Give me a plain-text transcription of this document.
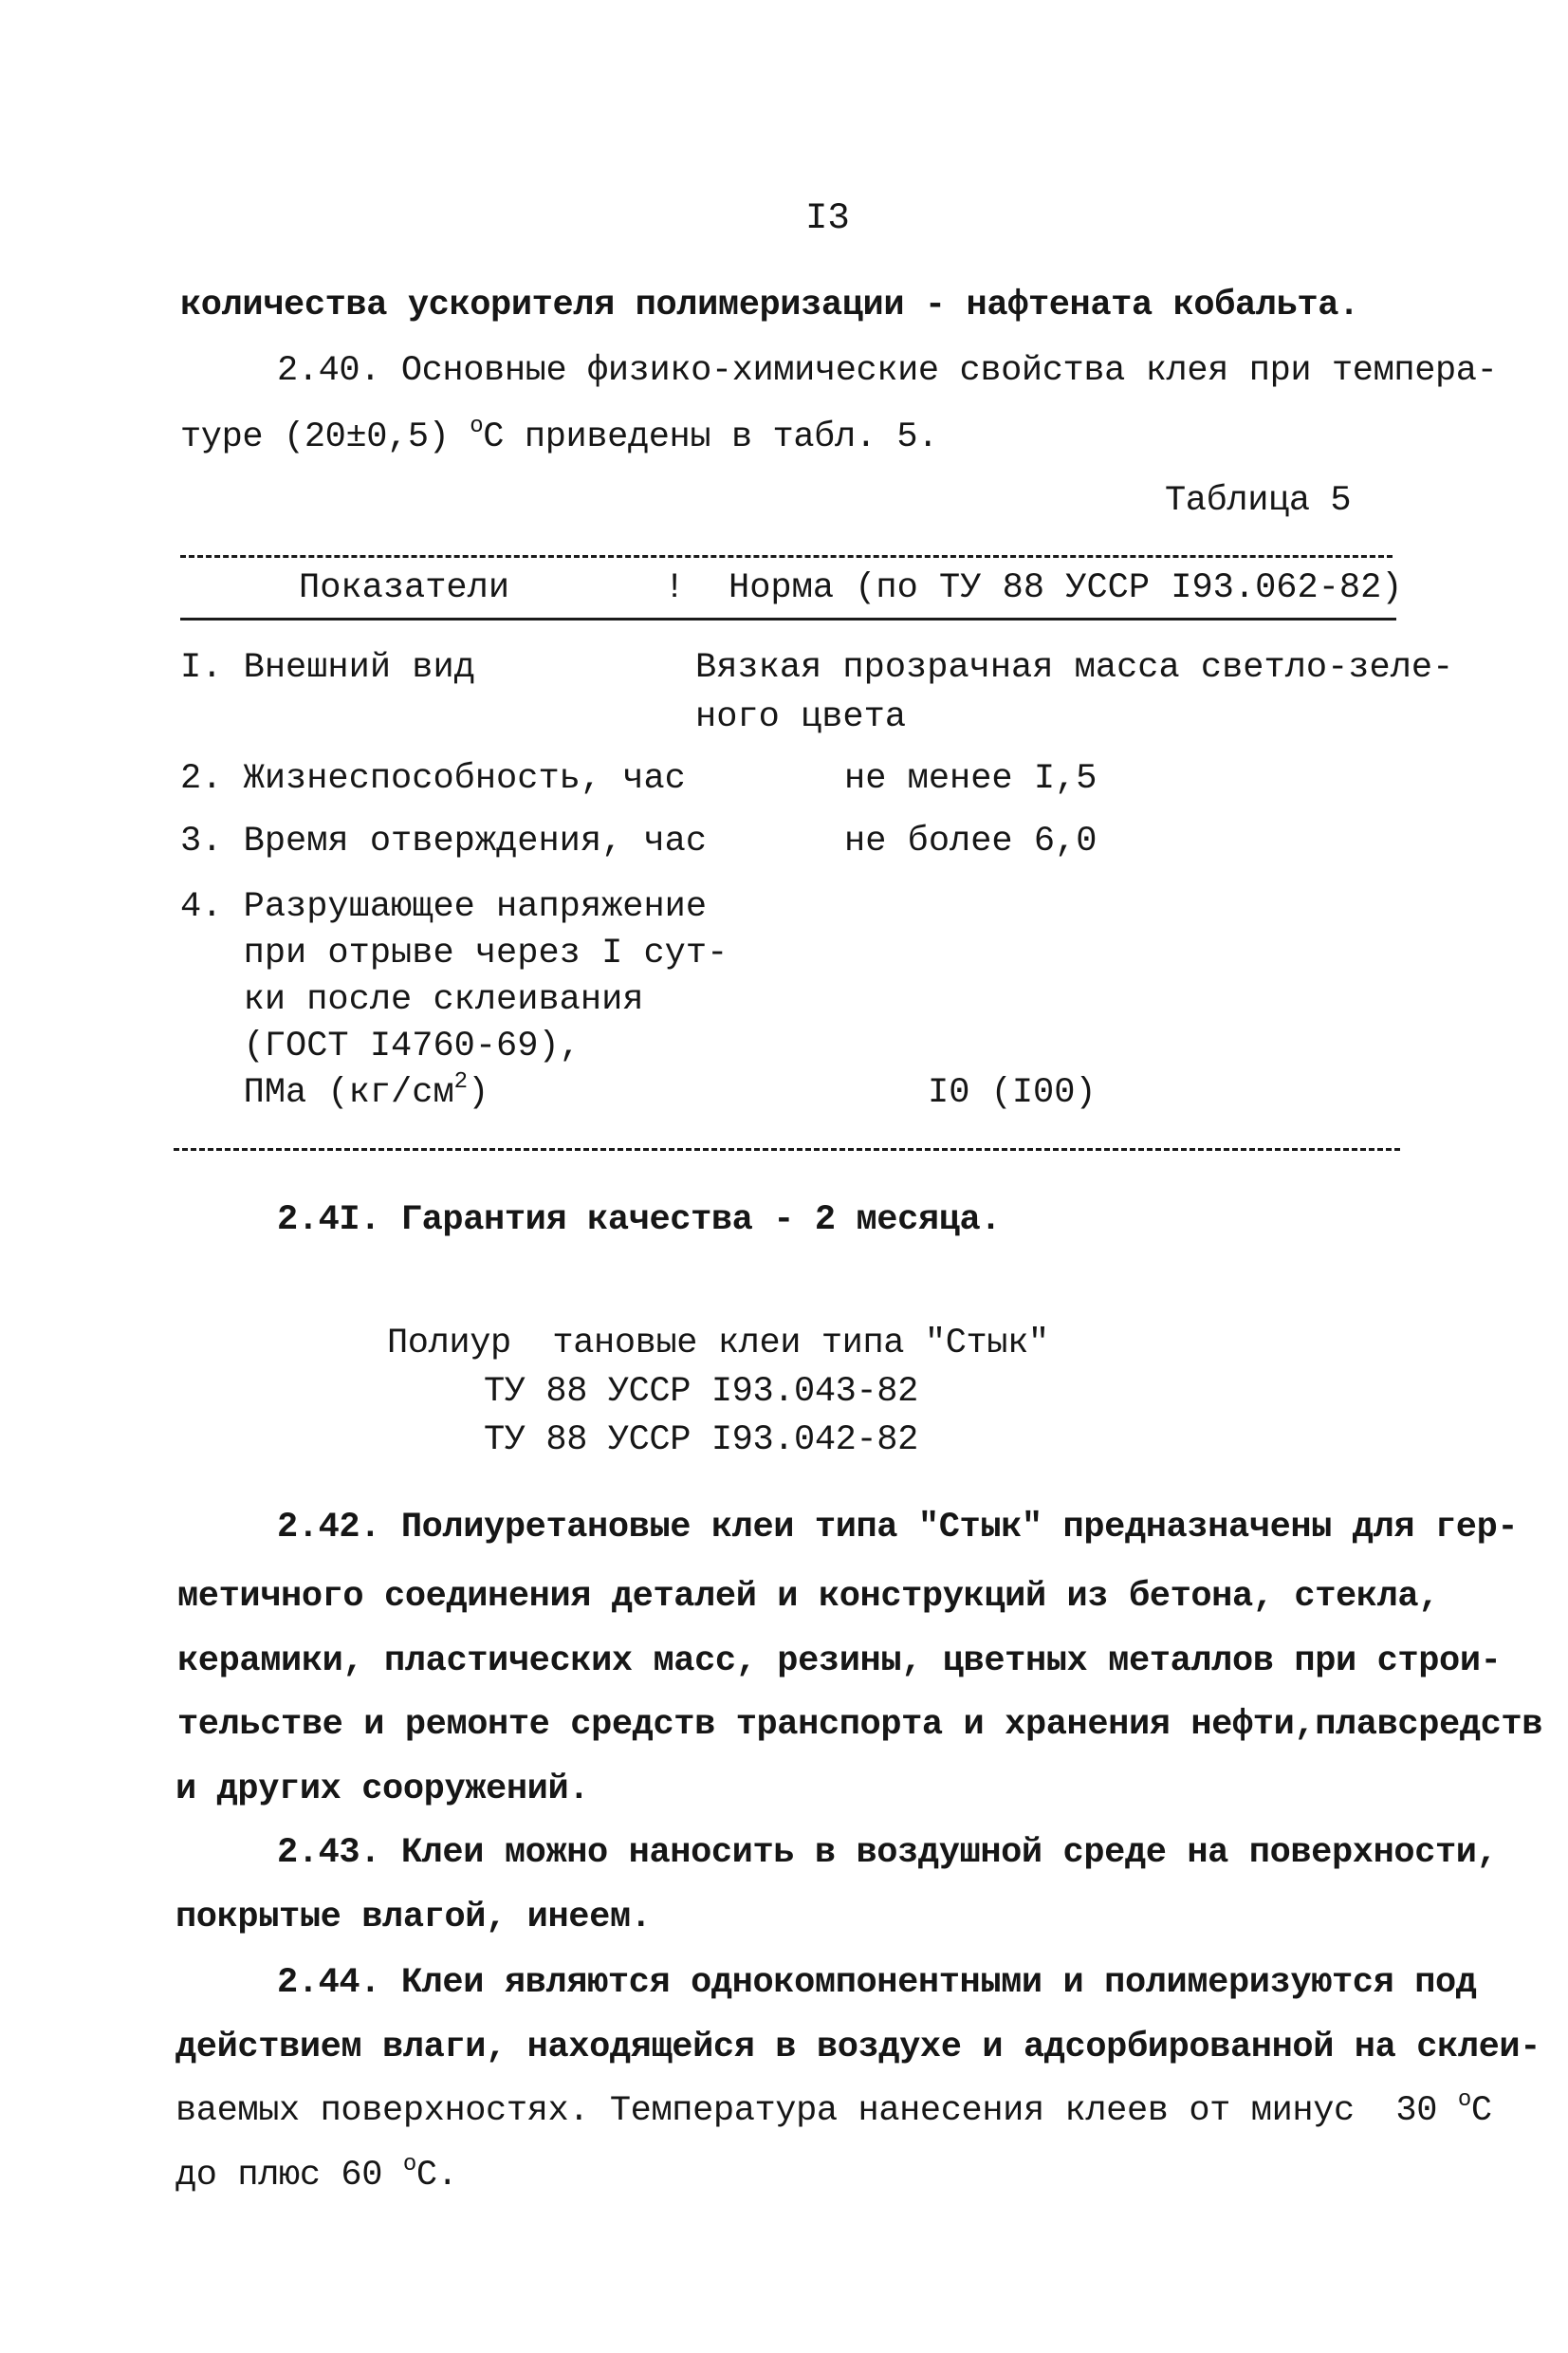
I3
количества ускорителя полимеризации - нафтената кобальта.
2.40. Основные физико-химические свойства клея при темпера-
туре (20±0,5) $^о$С приведены в табл. 5.
Таблица 5
Показатели	! Норма (по ТУ 88 УССР I93.062-82)
I. Внешний вид	Вязкая прозрачная масса светло-зеле-
ного цвета
2. Жизнеспособность, час	не менее I,5
3. Время отверждения, час	не более 6,0
4. Разрушающее напряжение
при отрыве через I сут-
ки после склеивания
(ГОСТ I4760-69),
ПМа $(кг/см^2)$	I0 (I00)
2.4I. Гарантия качества - 2 месяца.
Полиур  тановые клеи типа "Стык"
ТУ 88 УССР I93.043-82
ТУ 88 УССР I93.042-82
2.42. Полиуретановые клеи типа "Стык" предназначены для гер-
метичного соединения деталей и конструкций из бетона, стекла,
керамики, пластических масс, резины, цветных металлов при строи-
тельстве и ремонте средств транспорта и хранения нефти,плавсредств
и других сооружений.
2.43. Клеи можно наносить в воздушной среде на поверхности,
покрытые влагой, инеем.
2.44. Клеи являются однокомпонентными и полимеризуются под
действием влаги, находящейся в воздухе и адсорбированной на склеи-
ваемых поверхностях. Температура нанесения клеев от минус  30 $^о$С
до плюс 60 $^о$С.
